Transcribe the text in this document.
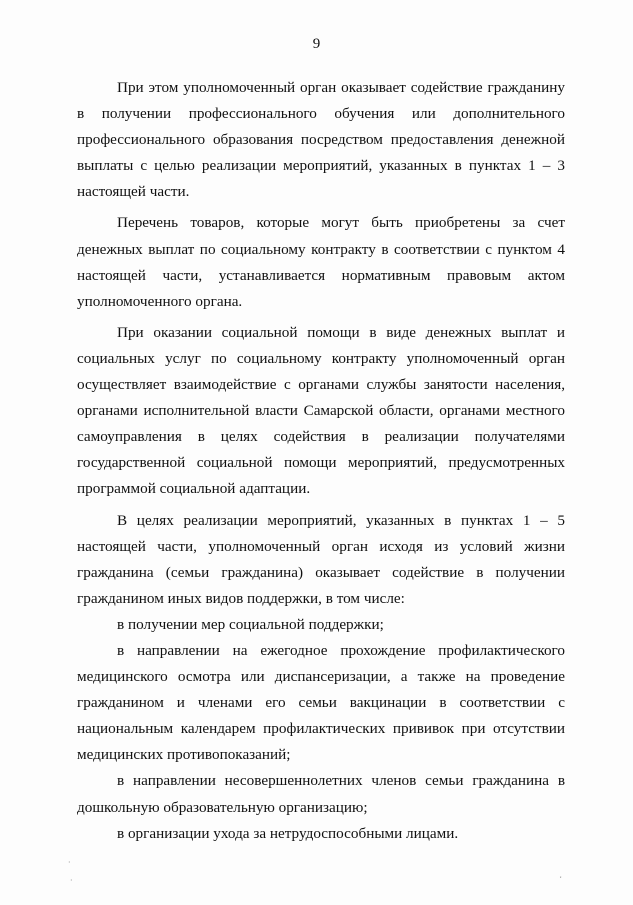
9

При этом уполномоченный орган оказывает содействие гражданину в получении профессионального обучения или дополнительного профессионального образования посредством предоставления денежной выплаты с целью реализации мероприятий, указанных в пунктах 1 – 3 настоящей части.

Перечень товаров, которые могут быть приобретены за счет денежных выплат по социальному контракту в соответствии с пунктом 4 настоящей части, устанавливается нормативным правовым актом уполномоченного органа.

При оказании социальной помощи в виде денежных выплат и социальных услуг по социальному контракту уполномоченный орган осуществляет взаимодействие с органами службы занятости населения, органами исполнительной власти Самарской области, органами местного самоуправления в целях содействия в реализации получателями государственной социальной помощи мероприятий, предусмотренных программой социальной адаптации.

В целях реализации мероприятий, указанных в пунктах 1 – 5 настоящей части, уполномоченный орган исходя из условий жизни гражданина (семьи гражданина) оказывает содействие в получении гражданином иных видов поддержки, в том числе:

в получении мер социальной поддержки;

в направлении на ежегодное прохождение профилактического медицинского осмотра или диспансеризации, а также на проведение гражданином и членами его семьи вакцинации в соответствии с национальным календарем профилактических прививок при отсутствии медицинских противопоказаний;

в направлении несовершеннолетних членов семьи гражданина в дошкольную образовательную организацию;

в организации ухода за нетрудоспособными лицами.

·
·
⸼
